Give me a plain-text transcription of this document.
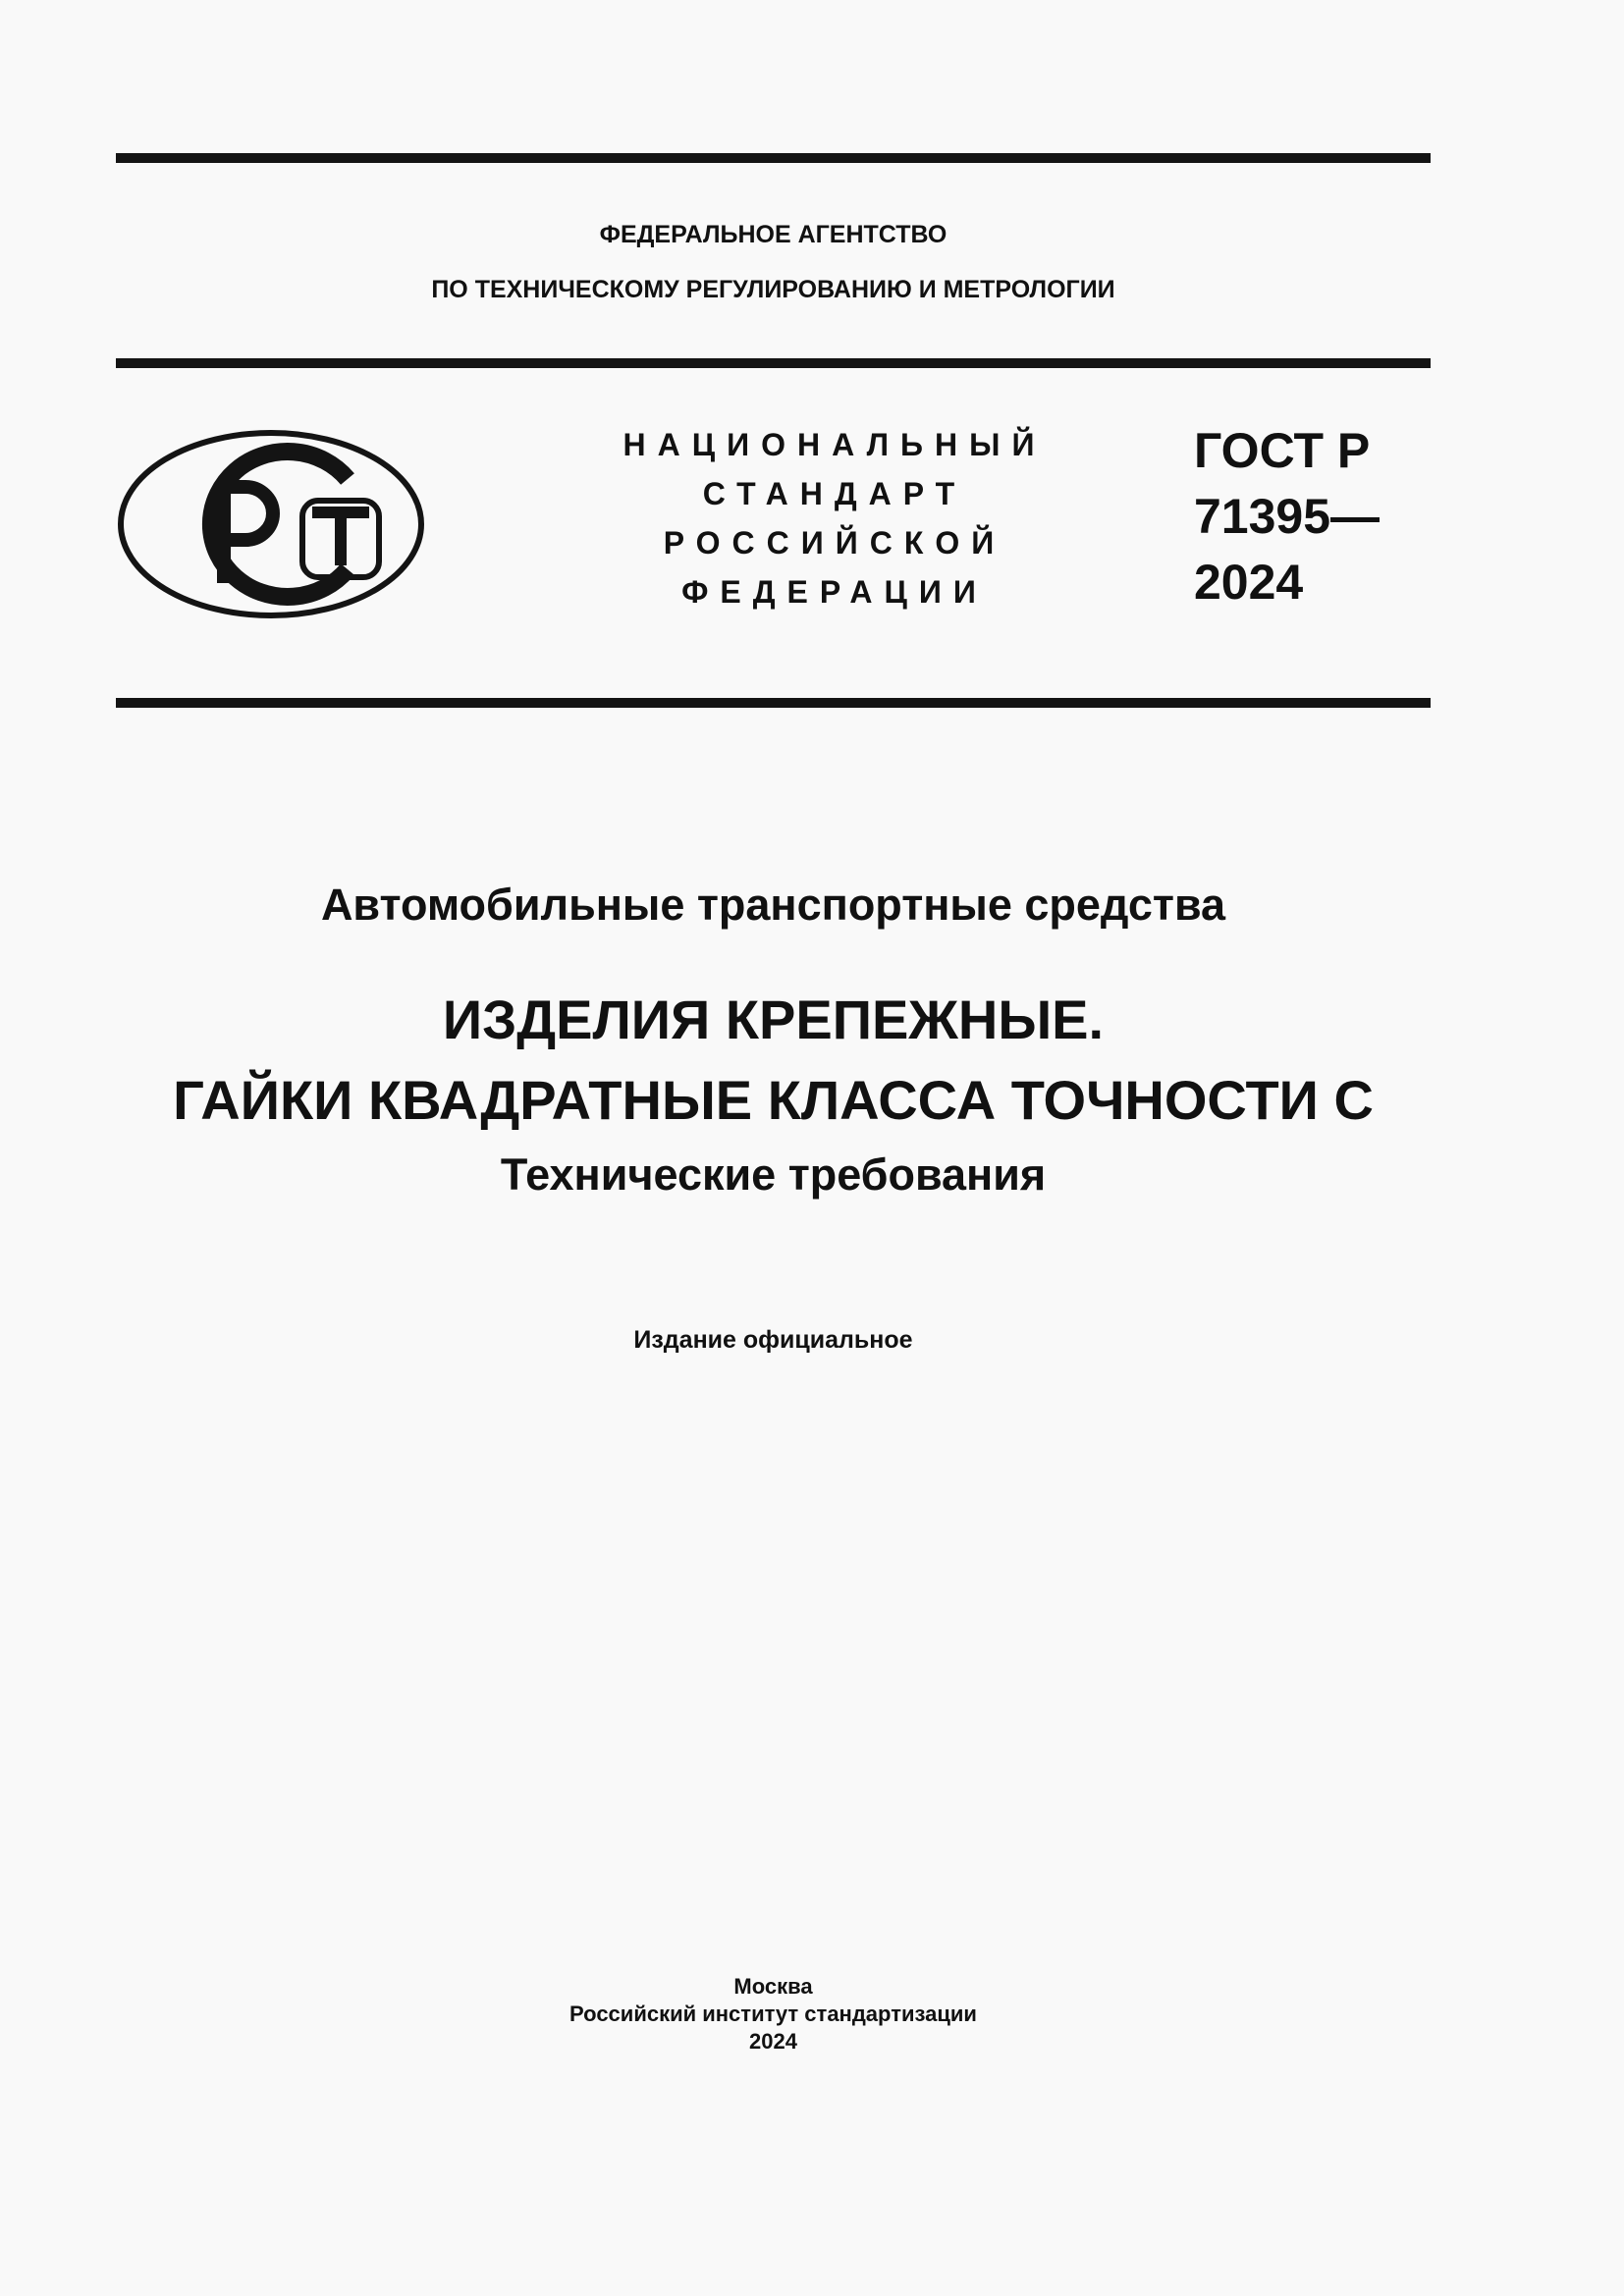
ФЕДЕРАЛЬНОЕ АГЕНТСТВО
ПО ТЕХНИЧЕСКОМУ РЕГУЛИРОВАНИЮ И МЕТРОЛОГИИ
НАЦИОНАЛЬНЫЙ
СТАНДАРТ
РОССИЙСКОЙ
ФЕДЕРАЦИИ
ГОСТ Р
71395—
2024
Автомобильные транспортные средства
ИЗДЕЛИЯ КРЕПЕЖНЫЕ.
ГАЙКИ КВАДРАТНЫЕ КЛАССА ТОЧНОСТИ С
Технические требования
Издание официальное
Москва
Российский институт стандартизации
2024
